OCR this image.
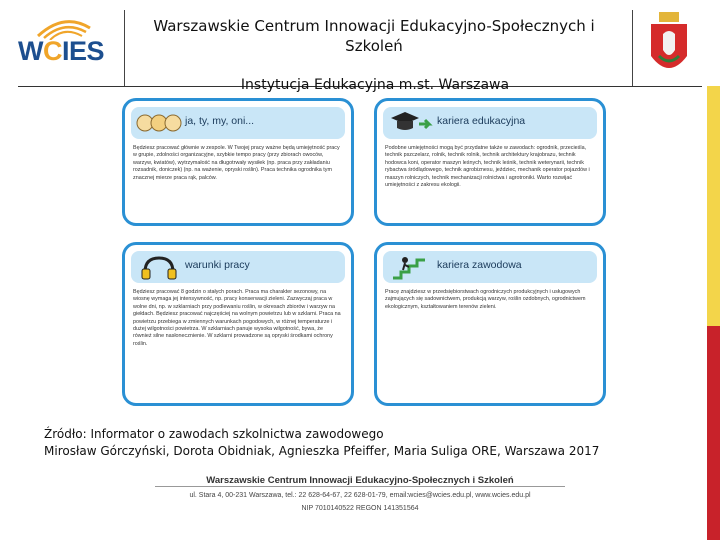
WCIES
Warszawskie Centrum Innowacji Edukacyjno-Społecznych i Szkoleń
Instytucja Edukacyjna m.st. Warszawa
ja, ty, my, oni...
Będziesz pracować głównie w zespole. W Twojej pracy ważne będą umiejętność pracy w grupie, zdolności organizacyjne, szybkie tempo pracy (przy zbiorach owoców, warzyw, kwiatów), wytrzymałość na długotrwały wysiłek (np. praca przy zakładaniu rozsadnik, doniczek) (np. na ważenie, opryski roślin). Praca technika ogrodnika tym znacznej mierze praca rąk, palców.
kariera edukacyjna
Podobne umiejętności mogą być przydatne także w zawodach: ogrodnik, przecieśla, technik pszczelarz, rolnik, technik rolnik, technik architektury krajobrazu, technik hodowca koni, operator maszyn leśnych, technik leśnik, technik weterynarii, technik rybactwa śródlądowego, technik agrobiznesu, jeździec, mechanik operator pojazdów i maszyn rolniczych, technik mechanizacji rolnictwa i agrotroniki. Warto rozwijać umiejętności z zakresu ekologii.
warunki pracy
Będziesz pracować 8 godzin o stałych porach. Praca ma charakter sezonowy, na wiosnę wymaga jej intensywność, np. pracy konserwacji zieleni. Zazwyczaj praca w wolne dni, np. w szklarniach przy podlewaniu roślin, w okresach zbiorów i warzyw na giełdach. Będziesz pracować najczęściej na wolnym powietrzu lub w szklarni. Praca na powietrzu przebiega w zmiennych warunkach pogodowych, w różnej temperaturze i dużej wilgotności powietrza. W szklarniach panuje wysoka wilgotność, bywa, że również silne nasłonecznienie. W szklarni prowadzone są opryski środkami ochrony roślin.
kariera zawodowa
Pracę znajdziesz w przedsiębiorstwach ogrodniczych produkcyjnych i usługowych zajmujących się sadownictwem, produkcją warzyw, roślin ozdobnych, ogrodnictwem ekologicznym, kształtowaniem terenów zieleni.
Źródło: Informator o zawodach szkolnictwa zawodowego
Mirosław Górczyński, Dorota Obidniak, Agnieszka Pfeiffer, Maria Suliga ORE, Warszawa 2017
Warszawskie Centrum Innowacji Edukacyjno-Społecznych i Szkoleń
ul. Stara 4, 00-231 Warszawa, tel.: 22 628-64-67, 22 628-01-79, email:wcies@wcies.edu.pl, www.wcies.edu.pl
NIP 7010140522 REGON 141351564
